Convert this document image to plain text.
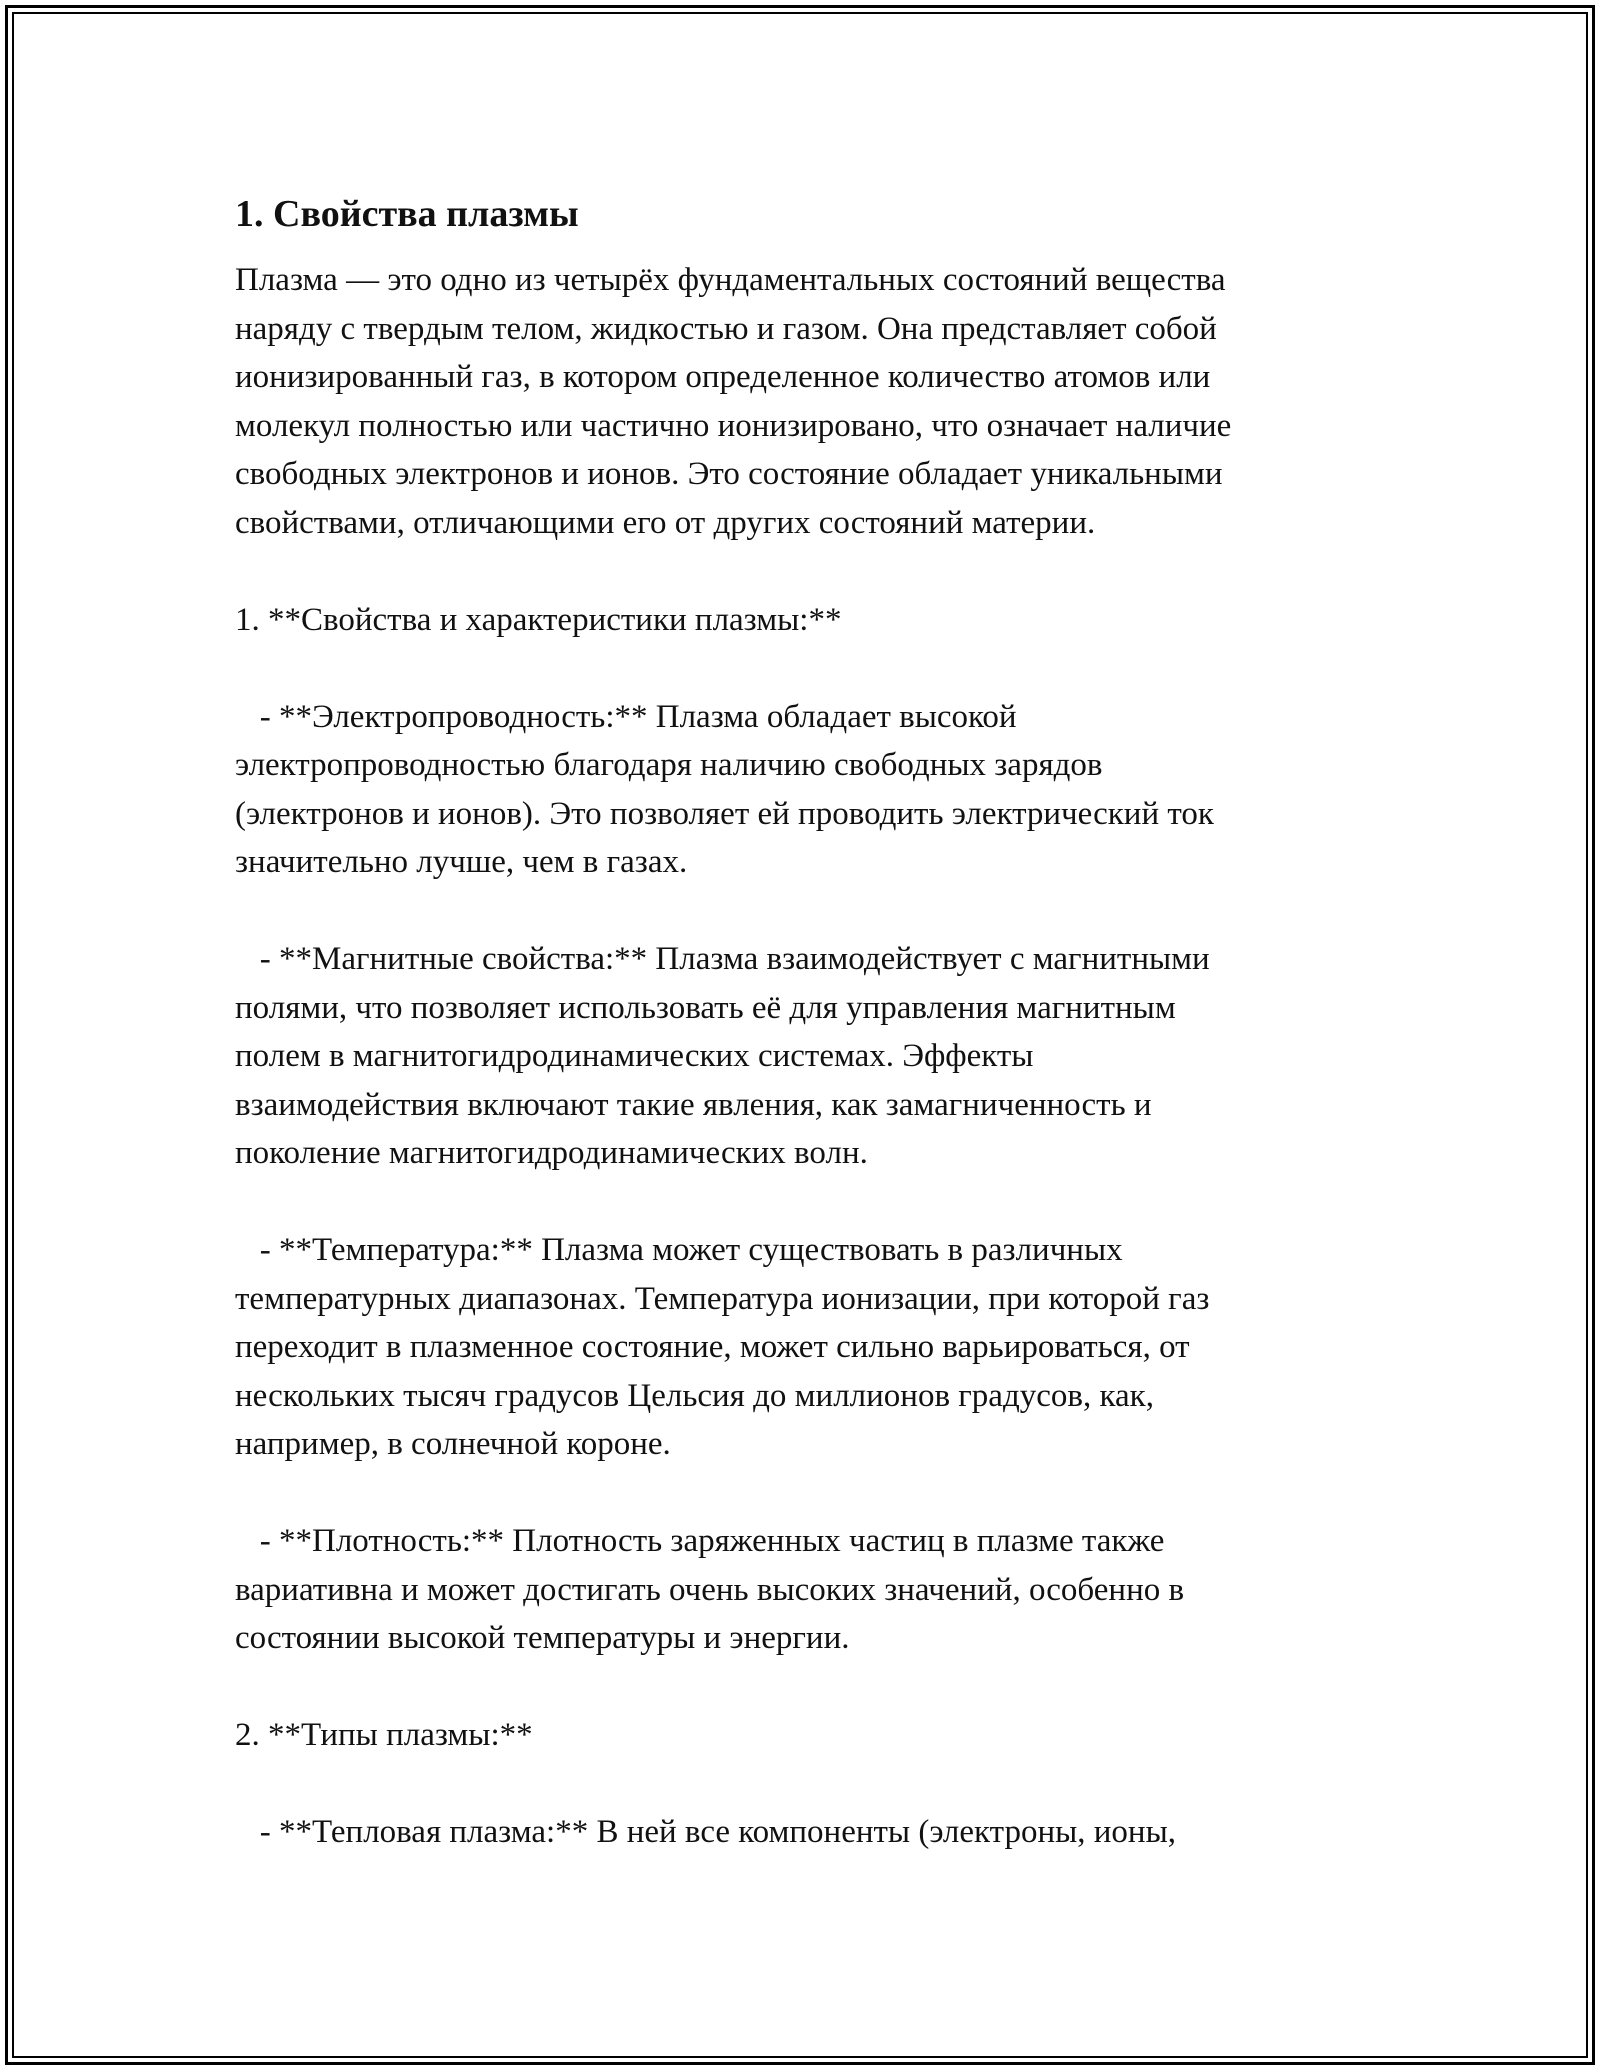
1. Свойства плазмы
Плазма — это одно из четырёх фундаментальных состояний вещества
наряду с твердым телом, жидкостью и газом. Она представляет собой
ионизированный газ, в котором определенное количество атомов или
молекул полностью или частично ионизировано, что означает наличие
свободных электронов и ионов. Это состояние обладает уникальными
свойствами, отличающими его от других состояний материи.
1. **Свойства и характеристики плазмы:**
- **Электропроводность:** Плазма обладает высокой
электропроводностью благодаря наличию свободных зарядов
(электронов и ионов). Это позволяет ей проводить электрический ток
значительно лучше, чем в газах.
- **Магнитные свойства:** Плазма взаимодействует с магнитными
полями, что позволяет использовать её для управления магнитным
полем в магнитогидродинамических системах. Эффекты
взаимодействия включают такие явления, как замагниченность и
поколение магнитогидродинамических волн.
- **Температура:** Плазма может существовать в различных
температурных диапазонах. Температура ионизации, при которой газ
переходит в плазменное состояние, может сильно варьироваться, от
нескольких тысяч градусов Цельсия до миллионов градусов, как,
например, в солнечной короне.
- **Плотность:** Плотность заряженных частиц в плазме также
вариативна и может достигать очень высоких значений, особенно в
состоянии высокой температуры и энергии.
2. **Типы плазмы:**
- **Тепловая плазма:** В ней все компоненты (электроны, ионы,
